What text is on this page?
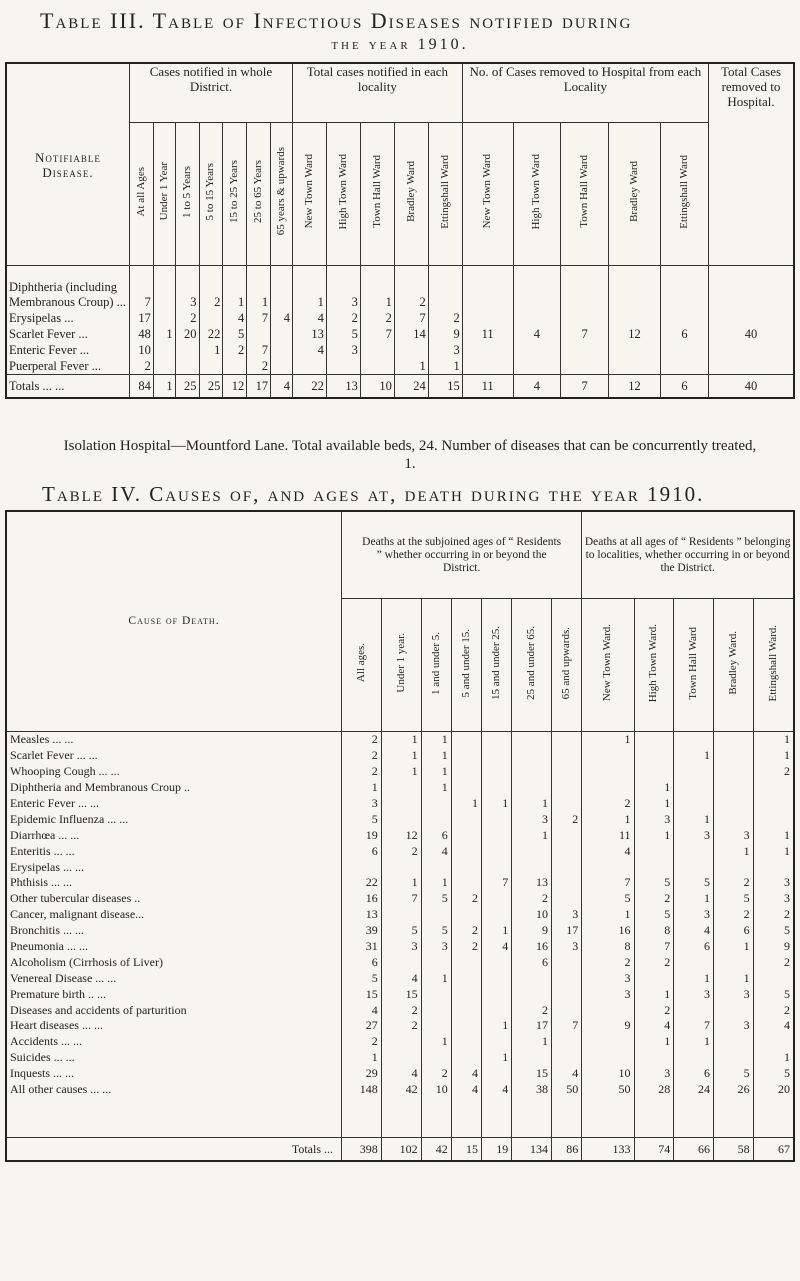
Table III. Table of Infectious Diseases notified during
the year 1910.
Notifiable Disease.	Cases notified in whole District.							Total cases notified in each locality					No. of Cases removed to Hospital from each Locality					Total Cases removed to Hospital.
	At all Ages	Under 1 Year	1 to 5 Years	5 to 15 Years	15 to 25 Years	25 to 65 Years	65 years & upwards	New Town Ward	High Town Ward	Town Hall Ward	Bradley Ward	Ettingshall Ward	New Town Ward	High Town Ward	Town Hall Ward	Bradley Ward	Ettingshall Ward	
Diphtheria (including Membranous Croup) ...	7		3	2	1	1		1	3	1	2							
Erysipelas ...	17		2		4	7	4	4	2	2	7	2						
Scarlet Fever ...	48	1	20	22	5			13	5	7	14	9	11	4	7	12	6	40
Enteric Fever ...	10			1	2	7		4	3			3						
Puerperal Fever ...	2					2					1	1						
Totals ... ...	84	1	25	25	12	17	4	22	13	10	24	15	11	4	7	12	6	40
Isolation Hospital—Mountford Lane. Total available beds, 24. Number of diseases that can be concurrently treated, 1.
Table IV. Causes of, and ages at, death during the year 1910.
Cause of Death.	Deaths at the subjoined ages of “ Residents ” whether occurring in or beyond the District.							Deaths at all ages of “ Residents ” belonging to localities, whether occurring in or beyond the District.				
	All ages.	Under 1 year.	1 and under 5.	5 and under 15.	15 and under 25.	25 and under 65.	65 and upwards.	New Town Ward.	High Town Ward.	Town Hall Ward	Bradley Ward.	Ettingshall Ward.
Measles ... ...	2	1	1					1				1
Scarlet Fever ... ...	2	1	1							1		1
Whooping Cough ... ...	2	1	1									2
Diphtheria and Membranous Croup ..	1		1						1			
Enteric Fever ... ...	3			1	1	1		2	1			
Epidemic Influenza ... ...	5					3	2	1	3	1		
Diarrhœa ... ...	19	12	6			1		11	1	3	3	1
Enteritis ... ...	6	2	4					4			1	1
Erysipelas ... ...												
Phthisis ... ...	22	1	1		7	13		7	5	5	2	3
Other tubercular diseases ..	16	7	5	2		2		5	2	1	5	3
Cancer, malignant disease...	13					10	3	1	5	3	2	2
Bronchitis ... ...	39	5	5	2	1	9	17	16	8	4	6	5
Pneumonia ... ...	31	3	3	2	4	16	3	8	7	6	1	9
Alcoholism (Cirrhosis of Liver)	6					6		2	2			2
Venereal Disease ... ...	5	4	1					3		1	1	
Premature birth .. ...	15	15						3	1	3	3	5
Diseases and accidents of parturition	4	2				2			2			2
Heart diseases ... ...	27	2			1	17	7	9	4	7	3	4
Accidents ... ...	2		1			1			1	1		
Suicides ... ...	1				1							1
Inquests ... ...	29	4	2	4		15	4	10	3	6	5	5
All other causes ... ...	148	42	10	4	4	38	50	50	28	24	26	20

Totals ...	398	102	42	15	19	134	86	133	74	66	58	67
